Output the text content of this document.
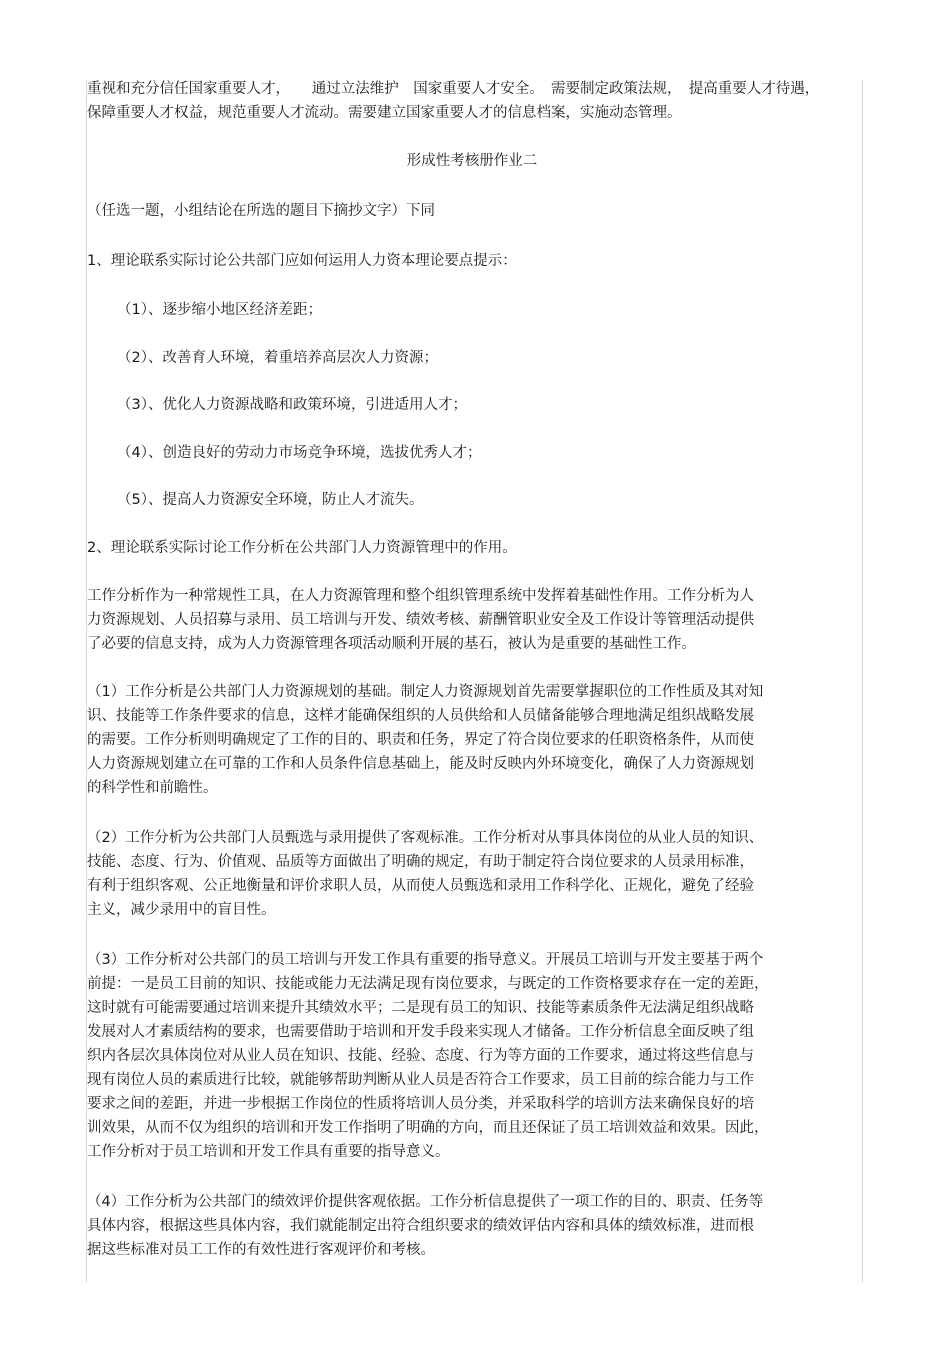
重视和充分信任国家重要人才，　　通过立法维护　国家重要人才安全。　需要制定政策法规，　提高重要人才待遇，
保障重要人才权益，规范重要人才流动。需要建立国家重要人才的信息档案，实施动态管理。

形成性考核册作业二

（任选一题，小组结论在所选的题目下摘抄文字）下同

1、理论联系实际讨论公共部门应如何运用人力资本理论要点提示：

（1）、逐步缩小地区经济差距；

（2）、改善育人环境，着重培养高层次人力资源；

（3）、优化人力资源战略和政策环境，引进适用人才；

（4）、创造良好的劳动力市场竞争环境，选拔优秀人才；

（5）、提高人力资源安全环境，防止人才流失。

2、理论联系实际讨论工作分析在公共部门人力资源管理中的作用。

工作分析作为一种常规性工具，在人力资源管理和整个组织管理系统中发挥着基础性作用。工作分析为人
力资源规划、人员招募与录用、员工培训与开发、绩效考核、薪酬管职业安全及工作设计等管理活动提供
了必要的信息支持，成为人力资源管理各项活动顺利开展的基石，被认为是重要的基础性工作。

（1）工作分析是公共部门人力资源规划的基础。制定人力资源规划首先需要掌握职位的工作性质及其对知
识、技能等工作条件要求的信息，这样才能确保组织的人员供给和人员储备能够合理地满足组织战略发展
的需要。工作分析则明确规定了工作的目的、职责和任务，界定了符合岗位要求的任职资格条件，从而使
人力资源规划建立在可靠的工作和人员条件信息基础上，能及时反映内外环境变化，确保了人力资源规划
的科学性和前瞻性。

（2）工作分析为公共部门人员甄选与录用提供了客观标准。工作分析对从事具体岗位的从业人员的知识、
技能、态度、行为、价值观、品质等方面做出了明确的规定，有助于制定符合岗位要求的人员录用标准，
有利于组织客观、公正地衡量和评价求职人员，从而使人员甄选和录用工作科学化、正规化，避免了经验
主义，减少录用中的盲目性。

（3）工作分析对公共部门的员工培训与开发工作具有重要的指导意义。开展员工培训与开发主要基于两个
前提：一是员工目前的知识、技能或能力无法满足现有岗位要求，与既定的工作资格要求存在一定的差距，
这时就有可能需要通过培训来提升其绩效水平；二是现有员工的知识、技能等素质条件无法满足组织战略
发展对人才素质结构的要求，也需要借助于培训和开发手段来实现人才储备。工作分析信息全面反映了组
织内各层次具体岗位对从业人员在知识、技能、经验、态度、行为等方面的工作要求，通过将这些信息与
现有岗位人员的素质进行比较，就能够帮助判断从业人员是否符合工作要求，员工目前的综合能力与工作
要求之间的差距，并进一步根据工作岗位的性质将培训人员分类，并采取科学的培训方法来确保良好的培
训效果，从而不仅为组织的培训和开发工作指明了明确的方向，而且还保证了员工培训效益和效果。因此，
工作分析对于员工培训和开发工作具有重要的指导意义。

（4）工作分析为公共部门的绩效评价提供客观依据。工作分析信息提供了一项工作的目的、职责、任务等
具体内容，根据这些具体内容，我们就能制定出符合组织要求的绩效评估内容和具体的绩效标准，进而根
据这些标准对员工工作的有效性进行客观评价和考核。
